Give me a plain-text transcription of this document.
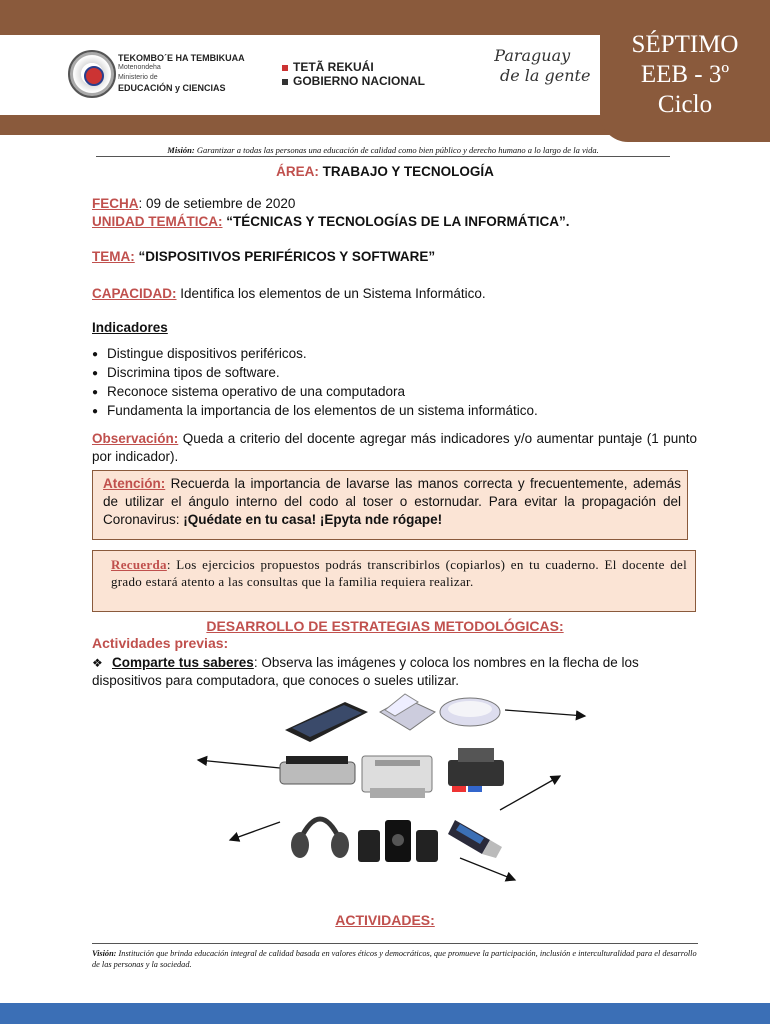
TEKOMBO´E HA TEMBIKUAA
Motenondeha
Ministerio de
EDUCACIÓN y CIENCIAS
TETÃ REKUÁI
GOBIERNO NACIONAL
Paraguay
de la gente
SÉPTIMO
EEB - 3º
Ciclo
Misión: Garantizar a todas las personas una educación de calidad como bien público y derecho humano a lo largo de la vida.
ÁREA: TRABAJO Y TECNOLOGÍA
FECHA: 09 de setiembre de 2020
UNIDAD TEMÁTICA: “TÉCNICAS Y TECNOLOGÍAS DE LA INFORMÁTICA”.
TEMA: “DISPOSITIVOS PERIFÉRICOS Y SOFTWARE”
CAPACIDAD: Identifica los elementos de un Sistema Informático.
Indicadores
● Distingue dispositivos periféricos.
● Discrimina tipos de software.
● Reconoce sistema operativo de una computadora
● Fundamenta la importancia de los elementos de un sistema informático.
Observación: Queda a criterio del docente agregar más indicadores y/o aumentar puntaje (1 punto por indicador).
Atención: Recuerda la importancia de lavarse las manos correcta y frecuentemente, además de utilizar el ángulo interno del codo al toser o estornudar. Para evitar la propagación del Coronavirus: ¡Quédate en tu casa! ¡Epyta nde rógape!
Recuerda: Los ejercicios propuestos podrás transcribirlos (copiarlos) en tu cuaderno. El docente del grado estará atento a las consultas que la familia requiera realizar.
DESARROLLO DE ESTRATEGIAS METODOLÓGICAS:
Actividades previas:
❖ Comparte tus saberes: Observa las imágenes y coloca los nombres en la flecha de los dispositivos para computadora, que conoces o sueles utilizar.
ACTIVIDADES:
Visión: Institución que brinda educación integral de calidad basada en valores éticos y democráticos, que promueve la participación, inclusión e interculturalidad para el desarrollo de las personas y la sociedad.
